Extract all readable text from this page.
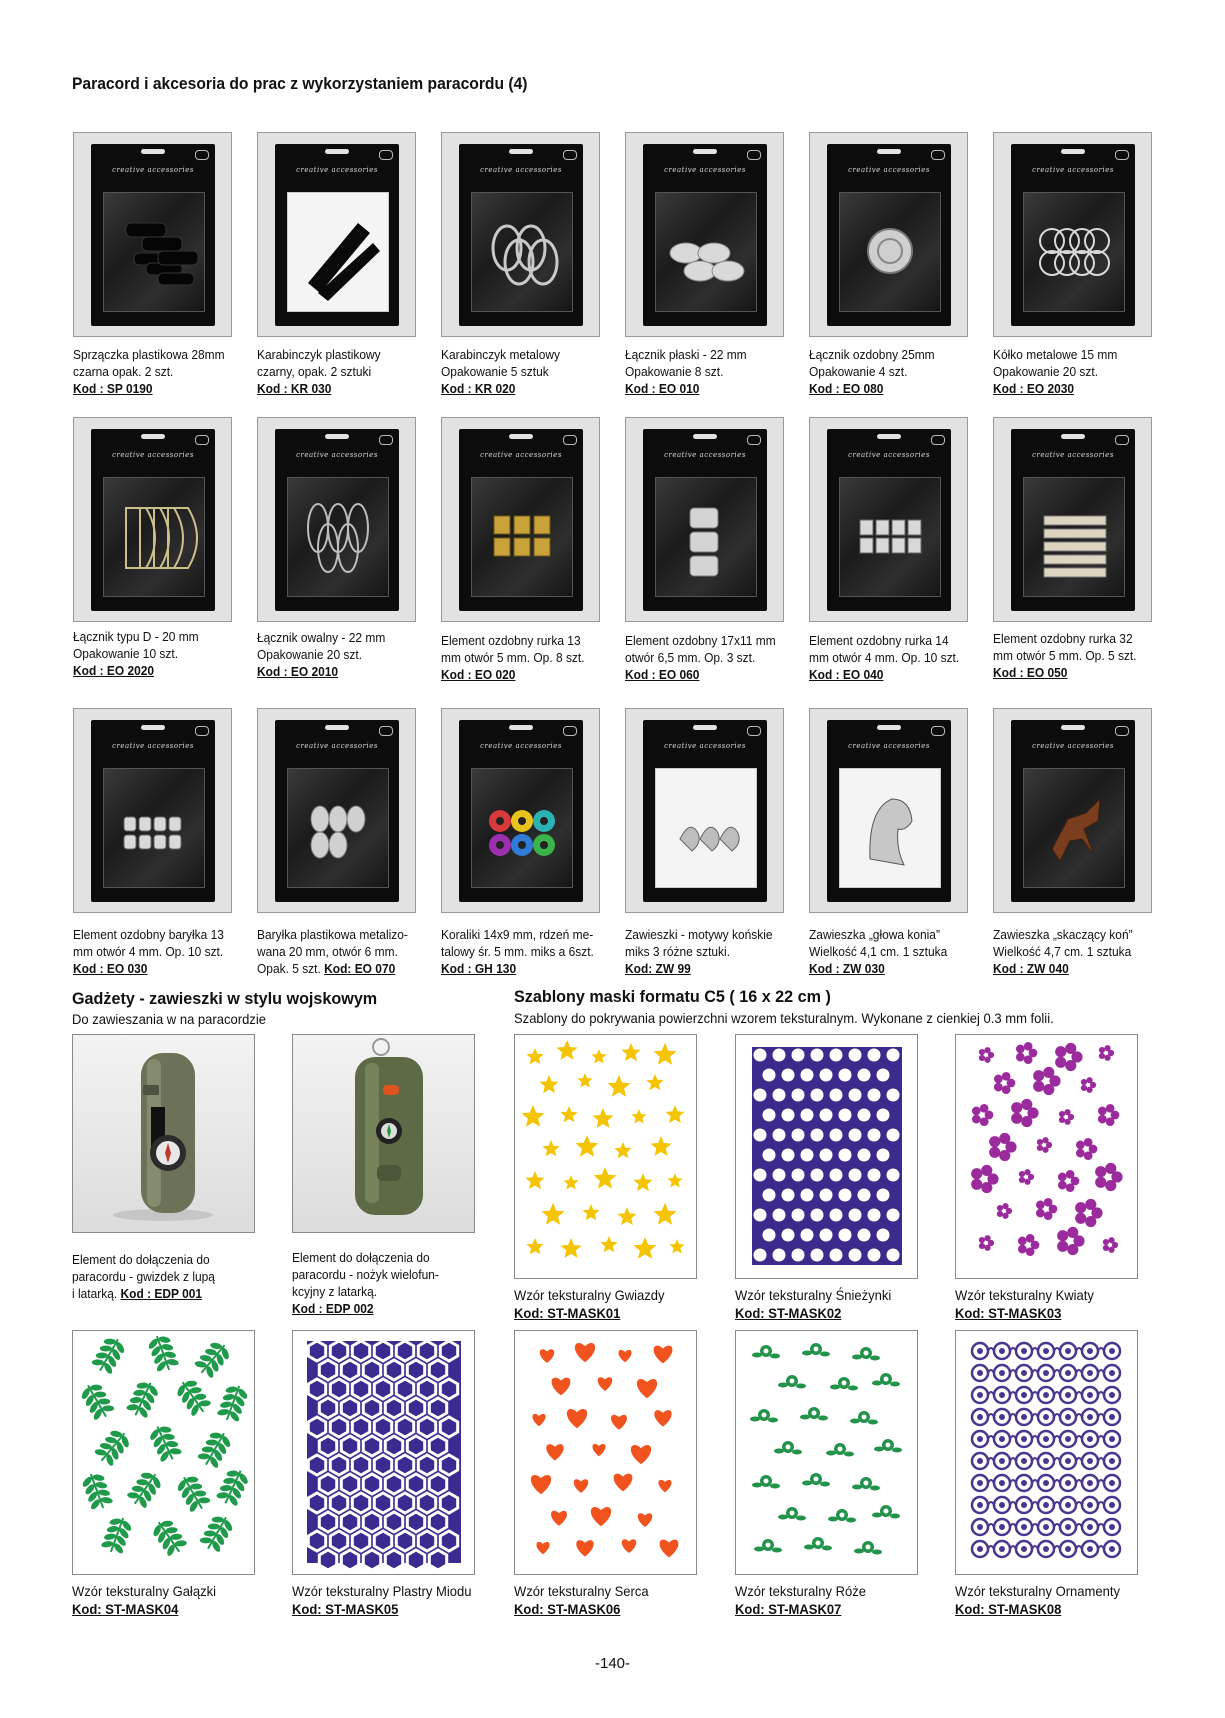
Paracord i akcesoria do prac z wykorzystaniem paracordu (4)
creative accessories
Sprzączka plastikowa 28mm
czarna opak. 2 szt.
Kod : SP 0190
creative accessories
Karabinczyk plastikowy
czarny, opak. 2 sztuki
Kod : KR 030
creative accessories
Karabinczyk metalowy
Opakowanie 5 sztuk
Kod : KR 020
creative accessories
Łącznik płaski - 22 mm
Opakowanie 8 szt.
Kod : EO 010
creative accessories
Łącznik ozdobny 25mm
Opakowanie 4 szt.
Kod : EO 080
creative accessories
Kółko metalowe 15 mm
Opakowanie 20 szt.
Kod : EO 2030
creative accessories
Łącznik typu D - 20 mm
Opakowanie 10 szt.
Kod : EO 2020
creative accessories
Łącznik owalny - 22 mm
Opakowanie 20 szt.
Kod : EO 2010
creative accessories
Element ozdobny rurka 13
mm otwór 5 mm. Op. 8 szt.
Kod : EO 020
creative accessories
Element ozdobny 17x11 mm
otwór 6,5 mm. Op. 3 szt.
Kod : EO 060
creative accessories
Element ozdobny rurka 14
mm otwór 4 mm. Op. 10 szt.
Kod : EO 040
creative accessories
Element ozdobny rurka 32
mm otwór 5 mm. Op. 5 szt.
Kod : EO 050
creative accessories
Element ozdobny baryłka 13
mm otwór 4 mm. Op. 10 szt.
Kod : EO 030
creative accessories
Baryłka plastikowa metalizo-
wana 20 mm, otwór 6 mm.
Opak. 5 szt. Kod: EO 070
creative accessories
Koraliki 14x9 mm, rdzeń me-
talowy śr. 5 mm. miks a 6szt.
Kod : GH 130
creative accessories
Zawieszki - motywy końskie
miks 3 różne sztuki.
Kod: ZW 99
creative accessories
Zawieszka „głowa konia”
Wielkość 4,1 cm. 1 sztuka
Kod : ZW 030
creative accessories
Zawieszka „skaczący koń”
Wielkość 4,7 cm. 1 sztuka
Kod : ZW 040
Gadżety - zawieszki w stylu wojskowym
Do zawieszania w na paracordzie
Element do dołączenia do
paracordu - gwizdek z lupą
i latarką. Kod : EDP 001
Element do dołączenia do
paracordu - nożyk wielofun-
kcyjny z latarką.
Kod : EDP 002
Szablony maski formatu C5 ( 16 x 22 cm )
Szablony do pokrywania powierzchni wzorem teksturalnym. Wykonane z cienkiej 0.3 mm folii.
Wzór teksturalny Gwiazdy
Kod: ST-MASK01
Wzór teksturalny Śnieżynki
Kod: ST-MASK02
Wzór teksturalny Kwiaty
Kod: ST-MASK03
Wzór teksturalny Gałązki
Kod: ST-MASK04
Wzór teksturalny Plastry Miodu
Kod: ST-MASK05
Wzór teksturalny Serca
Kod: ST-MASK06
Wzór teksturalny Róże
Kod: ST-MASK07
Wzór teksturalny Ornamenty
Kod: ST-MASK08
-140-
